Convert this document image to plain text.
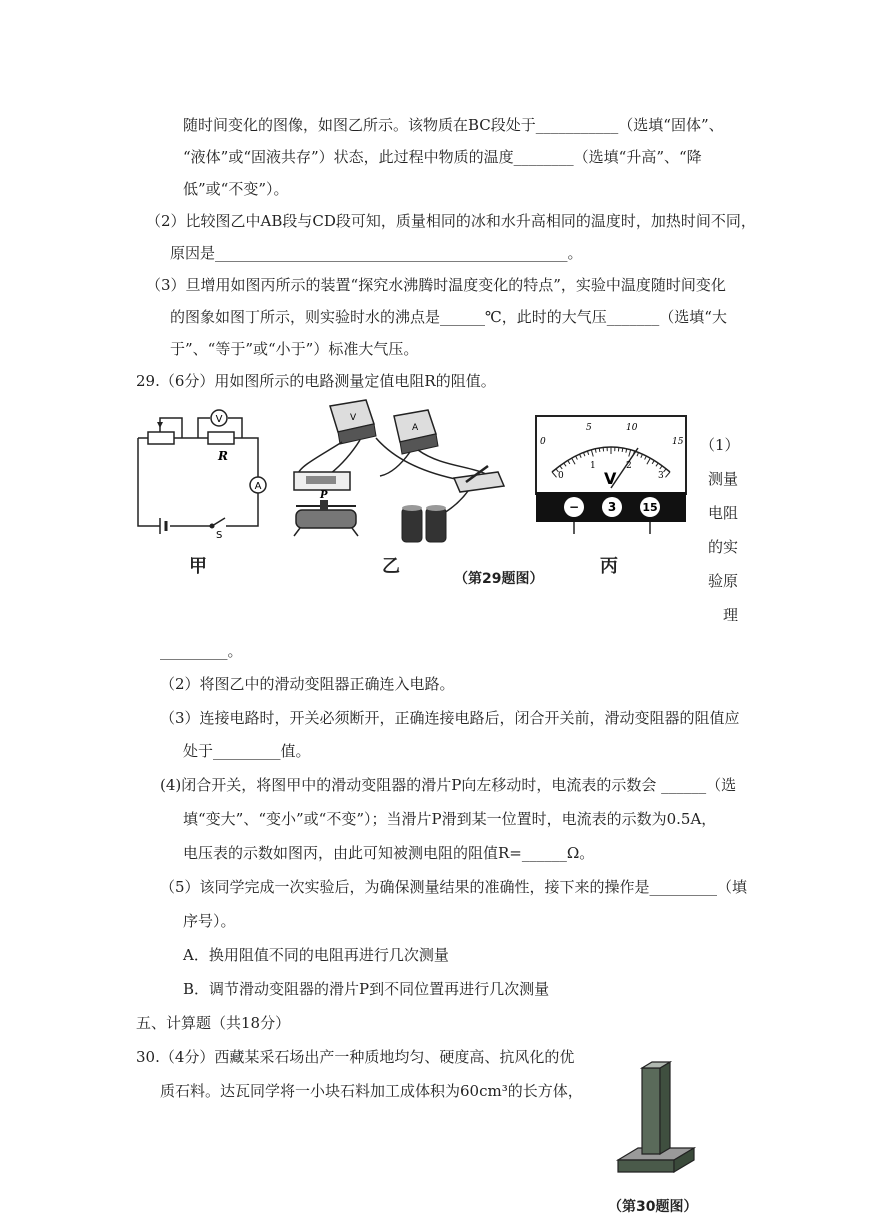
随时间变化的图像，如图乙所示。该物质在BC段处于___________（选填“固体”、
“液体”或“固液共存”）状态，此过程中物质的温度________（选填“升高”、“降
低”或“不变”）。
（2）比较图乙中AB段与CD段可知，质量相同的冰和水升高相同的温度时，加热时间不同，
原因是_______________________________________________。
（3）旦增用如图丙所示的装置“探究水沸腾时温度变化的特点”，实验中温度随时间变化
的图象如图丁所示，则实验时水的沸点是______℃，此时的大气压_______（选填“大
于”、“等于”或“小于”）标准大气压。
29.（6分）用如图所示的电路测量定值电阻R的阻值。
V
A
R
S
V
A
P
0
5	10
15
0
1	2
3
V
− 3 15
甲	乙
（第29题图）
丙
（1）
测量
电阻
的实
验原
理
_________。
（2）将图乙中的滑动变阻器正确连入电路。
（3）连接电路时，开关必须断开，正确连接电路后，闭合开关前，滑动变阻器的阻值应
处于_________值。
(4)闭合开关，将图甲中的滑动变阻器的滑片P向左移动时，电流表的示数会 ______（选
填“变大”、“变小”或“不变”）；当滑片P滑到某一位置时，电流表的示数为0.5A，
电压表的示数如图丙，由此可知被测电阻的阻值R=______Ω。
（5）该同学完成一次实验后，为确保测量结果的准确性，接下来的操作是_________（填
序号）。
A．换用阻值不同的电阻再进行几次测量
B．调节滑动变阻器的滑片P到不同位置再进行几次测量
五、计算题（共18分）
30.（4分）西藏某采石场出产一种质地均匀、硬度高、抗风化的优
质石料。达瓦同学将一小块石料加工成体积为60cm³的长方体，
（第30题图）
